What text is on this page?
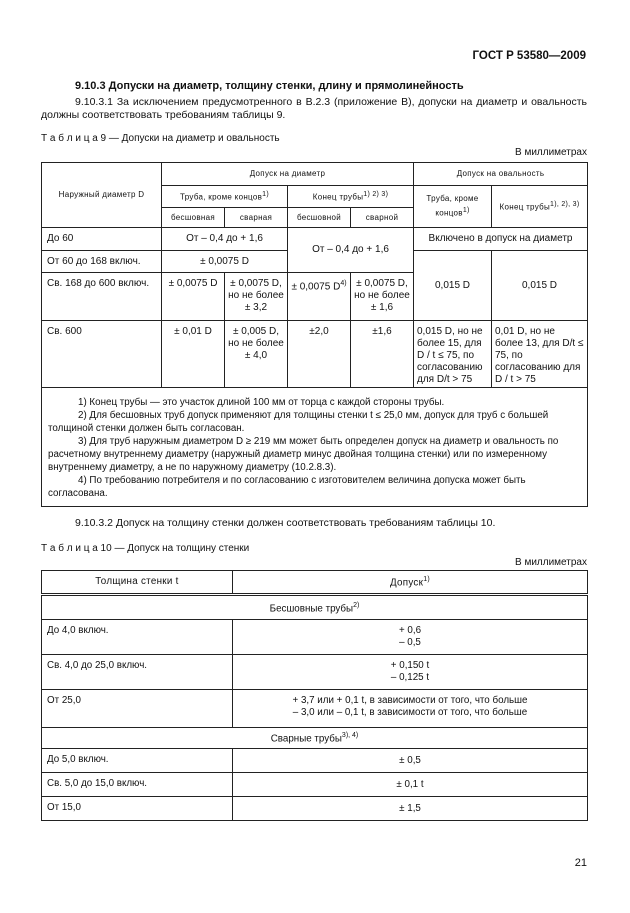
ГОСТ Р 53580—2009
9.10.3 Допуски на диаметр, толщину стенки, длину и прямолинейность
9.10.3.1 За исключением предусмотренного в В.2.3 (приложение В), допуски на диаметр и овальность должны соответствовать требованиям таблицы 9.
Т а б л и ц а 9 — Допуски на диаметр и овальность
В миллиметрах
Наружный диаметр D	Допуск на диаметр				Допуск на овальность	
	Труба, кроме концов$^{1)}$		Конец трубы$^{1) 2) 3)}$		Труба, кроме концов$^{1)}$	Конец трубы$^{1), 2), 3)}$
	бесшовная	сварная	бесшовной	сварной		
До 60	От – 0,4 до + 1,6		От – 0,4 до + 1,6		Включено в допуск на диаметр	
От 60 до 168 включ.	± 0,0075 D				0,015 D	0,015 D
Св. 168 до 600 включ.	± 0,0075 D	± 0,0075 D, но не более ± 3,2	± 0,0075 $D^{4)}$	± 0,0075 D, но не более ± 1,6		
Св. 600	± 0,01 D	± 0,005 D, но не более ± 4,0	±2,0	±1,6	0,015 D, но не более 15, для D / t ≤ 75, по согласованию для D/t > 75	0,01 D, но не более 13, для D/t ≤ 75, по согласованию для D / t > 75

1) Конец трубы — это участок длиной 100 мм от торца с каждой стороны трубы.

2) Для бесшовных труб допуск применяют для толщины стенки t ≤ 25,0 мм, допуск для труб с большей толщиной стенки должен быть согласован.

3) Для труб наружным диаметром D ≥ 219 мм может быть определен допуск на диаметр и овальность по расчетному внутреннему диаметру (наружный диаметр минус двойная толщина стенки) или по измеренному внутреннему диаметру, а не по наружному диаметру (10.2.8.3).

4) По требованию потребителя и по согласованию с изготовителем величина допуска может быть согласована.						

9.10.3.2 Допуск на толщину стенки должен соответствовать требованиям таблицы 10.
Т а б л и ц а 10 — Допуск на толщину стенки
В миллиметрах
Толщина стенки t	Допуск$^{1)}$
Бесшовные трубы$^{2)}$
До 4,0 включ.	+ 0,6
– 0,5

Св. 4,0 до 25,0 включ.	+ 0,150 t
– 0,125 t

От 25,0	+ 3,7 или + 0,1 t, в зависимости от того, что больше
– 3,0 или – 0,1 t, в зависимости от того, что больше

Сварные трубы$^{3), 4)}$
До 5,0 включ.	± 0,5
Св. 5,0 до 15,0 включ.	± 0,1 t
От 15,0	± 1,5
21
